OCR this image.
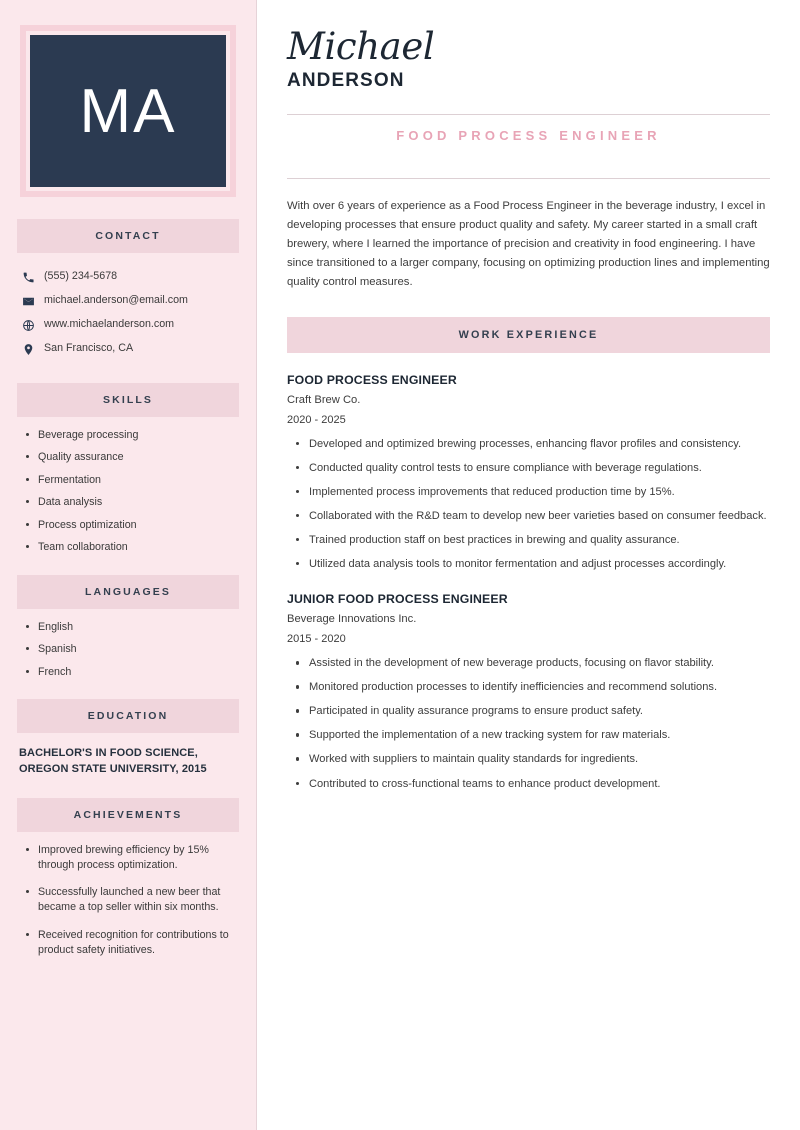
MA
CONTACT
(555) 234-5678
michael.anderson@email.com
www.michaelanderson.com
San Francisco, CA
SKILLS
Beverage processing
Quality assurance
Fermentation
Data analysis
Process optimization
Team collaboration
LANGUAGES
English
Spanish
French
EDUCATION
BACHELOR'S IN FOOD SCIENCE,
OREGON STATE UNIVERSITY, 2015
ACHIEVEMENTS
Improved brewing efficiency by 15% through process optimization.
Successfully launched a new beer that became a top seller within six months.
Received recognition for contributions to product safety initiatives.
Michael
ANDERSON
FOOD PROCESS ENGINEER

With over 6 years of experience as a Food Process Engineer in the beverage industry, I excel in developing processes that ensure product quality and safety. My career started in a small craft brewery, where I learned the importance of precision and creativity in food engineering. I have since transitioned to a larger company, focusing on optimizing production lines and implementing quality control measures.

WORK EXPERIENCE
FOOD PROCESS ENGINEER
Craft Brew Co.
2020 - 2025
Developed and optimized brewing processes, enhancing flavor profiles and consistency.
Conducted quality control tests to ensure compliance with beverage regulations.
Implemented process improvements that reduced production time by 15%.
Collaborated with the R&D team to develop new beer varieties based on consumer feedback.
Trained production staff on best practices in brewing and quality assurance.
Utilized data analysis tools to monitor fermentation and adjust processes accordingly.
JUNIOR FOOD PROCESS ENGINEER
Beverage Innovations Inc.
2015 - 2020
Assisted in the development of new beverage products, focusing on flavor stability.
Monitored production processes to identify inefficiencies and recommend solutions.
Participated in quality assurance programs to ensure product safety.
Supported the implementation of a new tracking system for raw materials.
Worked with suppliers to maintain quality standards for ingredients.
Contributed to cross-functional teams to enhance product development.
